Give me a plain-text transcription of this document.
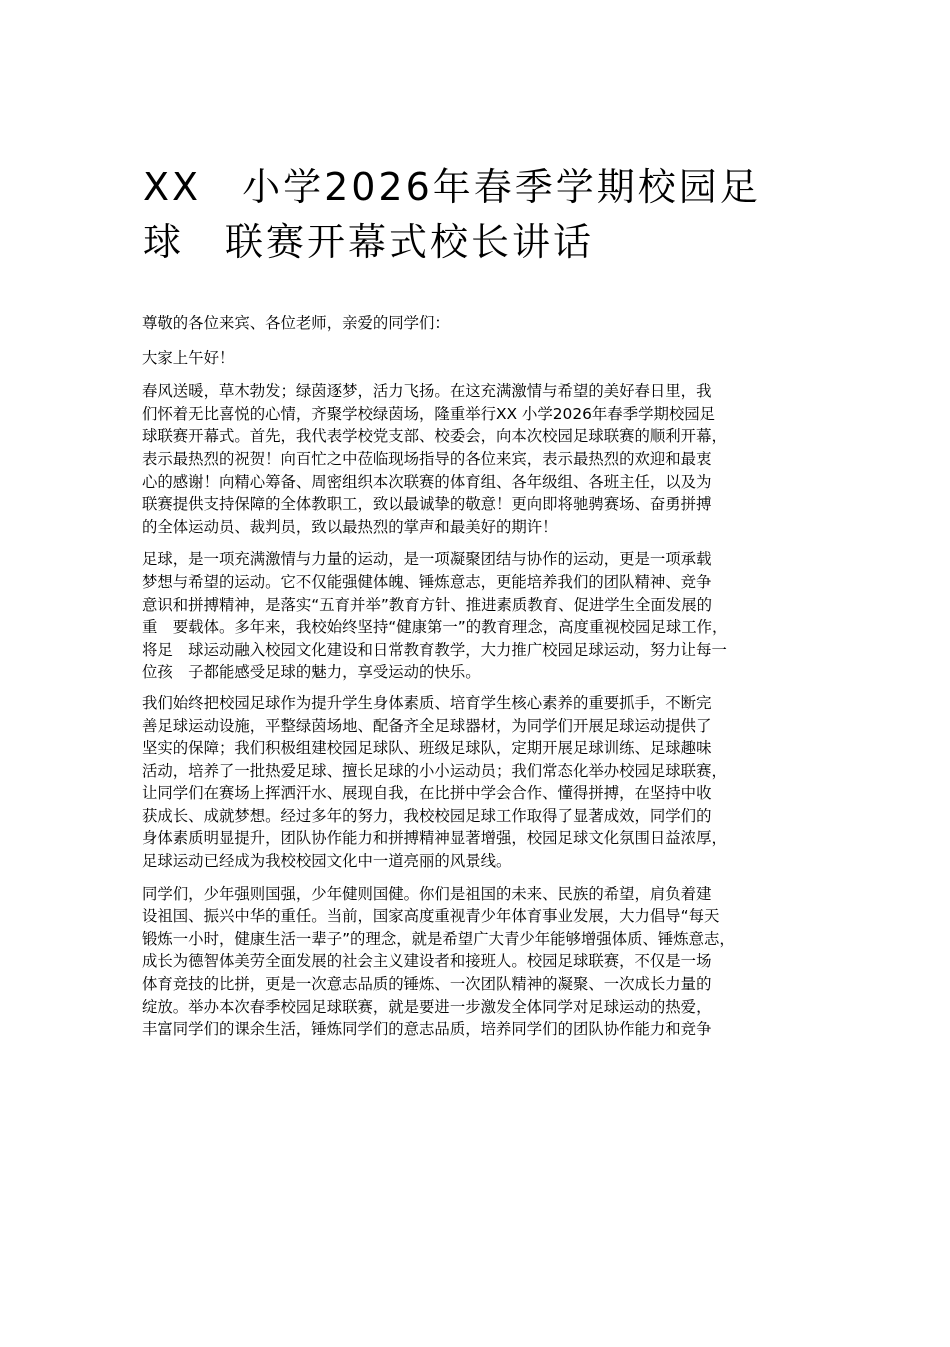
XX　小学2026年春季学期校园足
球　联赛开幕式校长讲话

尊敬的各位来宾、各位老师，亲爱的同学们：

大家上午好！

春风送暖，草木勃发；绿茵逐梦，活力飞扬。在这充满激情与希望的美好春日里，我
们怀着无比喜悦的心情，齐聚学校绿茵场，隆重举行XX 小学2026年春季学期校园足
球联赛开幕式。首先，我代表学校党支部、校委会，向本次校园足球联赛的顺利开幕，
表示最热烈的祝贺！向百忙之中莅临现场指导的各位来宾，表示最热烈的欢迎和最衷
心的感谢！向精心筹备、周密组织本次联赛的体育组、各年级组、各班主任，以及为
联赛提供支持保障的全体教职工，致以最诚挚的敬意！更向即将驰骋赛场、奋勇拼搏
的全体运动员、裁判员，致以最热烈的掌声和最美好的期许！

足球，是一项充满激情与力量的运动，是一项凝聚团结与协作的运动，更是一项承载
梦想与希望的运动。它不仅能强健体魄、锤炼意志，更能培养我们的团队精神、竞争
意识和拼搏精神，是落实“五育并举”教育方针、推进素质教育、促进学生全面发展的
重　要载体。多年来，我校始终坚持“健康第一”的教育理念，高度重视校园足球工作，
将足　球运动融入校园文化建设和日常教育教学，大力推广校园足球运动，努力让每一
位孩　子都能感受足球的魅力，享受运动的快乐。

我们始终把校园足球作为提升学生身体素质、培育学生核心素养的重要抓手，不断完
善足球运动设施，平整绿茵场地、配备齐全足球器材，为同学们开展足球运动提供了
坚实的保障；我们积极组建校园足球队、班级足球队，定期开展足球训练、足球趣味
活动，培养了一批热爱足球、擅长足球的小小运动员；我们常态化举办校园足球联赛，
让同学们在赛场上挥洒汗水、展现自我，在比拼中学会合作、懂得拼搏，在坚持中收
获成长、成就梦想。经过多年的努力，我校校园足球工作取得了显著成效，同学们的
身体素质明显提升，团队协作能力和拼搏精神显著增强，校园足球文化氛围日益浓厚，
足球运动已经成为我校校园文化中一道亮丽的风景线。

同学们，少年强则国强，少年健则国健。你们是祖国的未来、民族的希望，肩负着建
设祖国、振兴中华的重任。当前，国家高度重视青少年体育事业发展，大力倡导“每天
锻炼一小时，健康生活一辈子”的理念，就是希望广大青少年能够增强体质、锤炼意志，
成长为德智体美劳全面发展的社会主义建设者和接班人。校园足球联赛，不仅是一场
体育竞技的比拼，更是一次意志品质的锤炼、一次团队精神的凝聚、一次成长力量的
绽放。举办本次春季校园足球联赛，就是要进一步激发全体同学对足球运动的热爱，
丰富同学们的课余生活，锤炼同学们的意志品质，培养同学们的团队协作能力和竞争
